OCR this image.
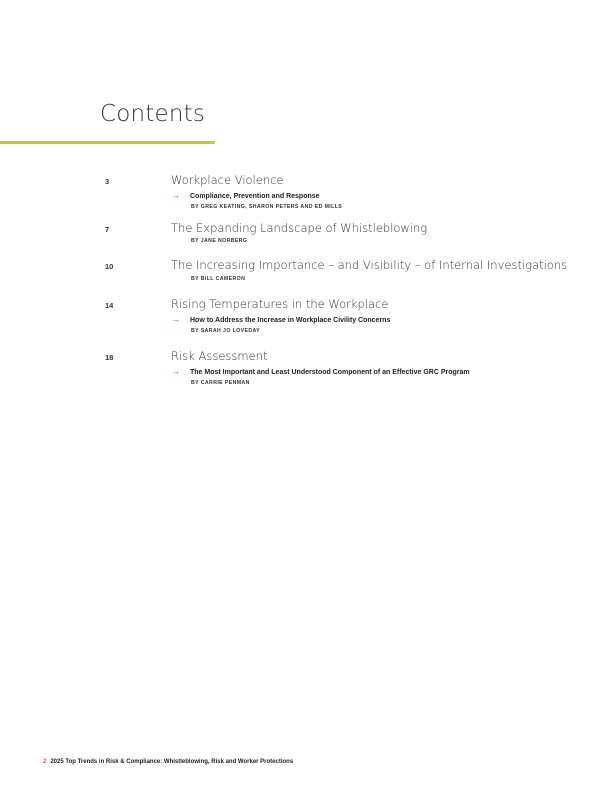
Contents
3	Workplace Violence
→ Compliance, Prevention and Response
BY GREG KEATING, SHARON PETERS AND ED MILLS
7	The Expanding Landscape of Whistleblowing
BY JANE NORBERG
10	The Increasing Importance – and Visibility – of Internal Investigations
BY BILL CAMERON
14	Rising Temperatures in the Workplace
→ How to Address the Increase in Workplace Civility Concerns
BY SARAH JO LOVEDAY
18	Risk Assessment
→ The Most Important and Least Understood Component of an Effective GRC Program
BY CARRIE PENMAN
2 2025 Top Trends in Risk & Compliance: Whistleblowing, Risk and Worker Protections
